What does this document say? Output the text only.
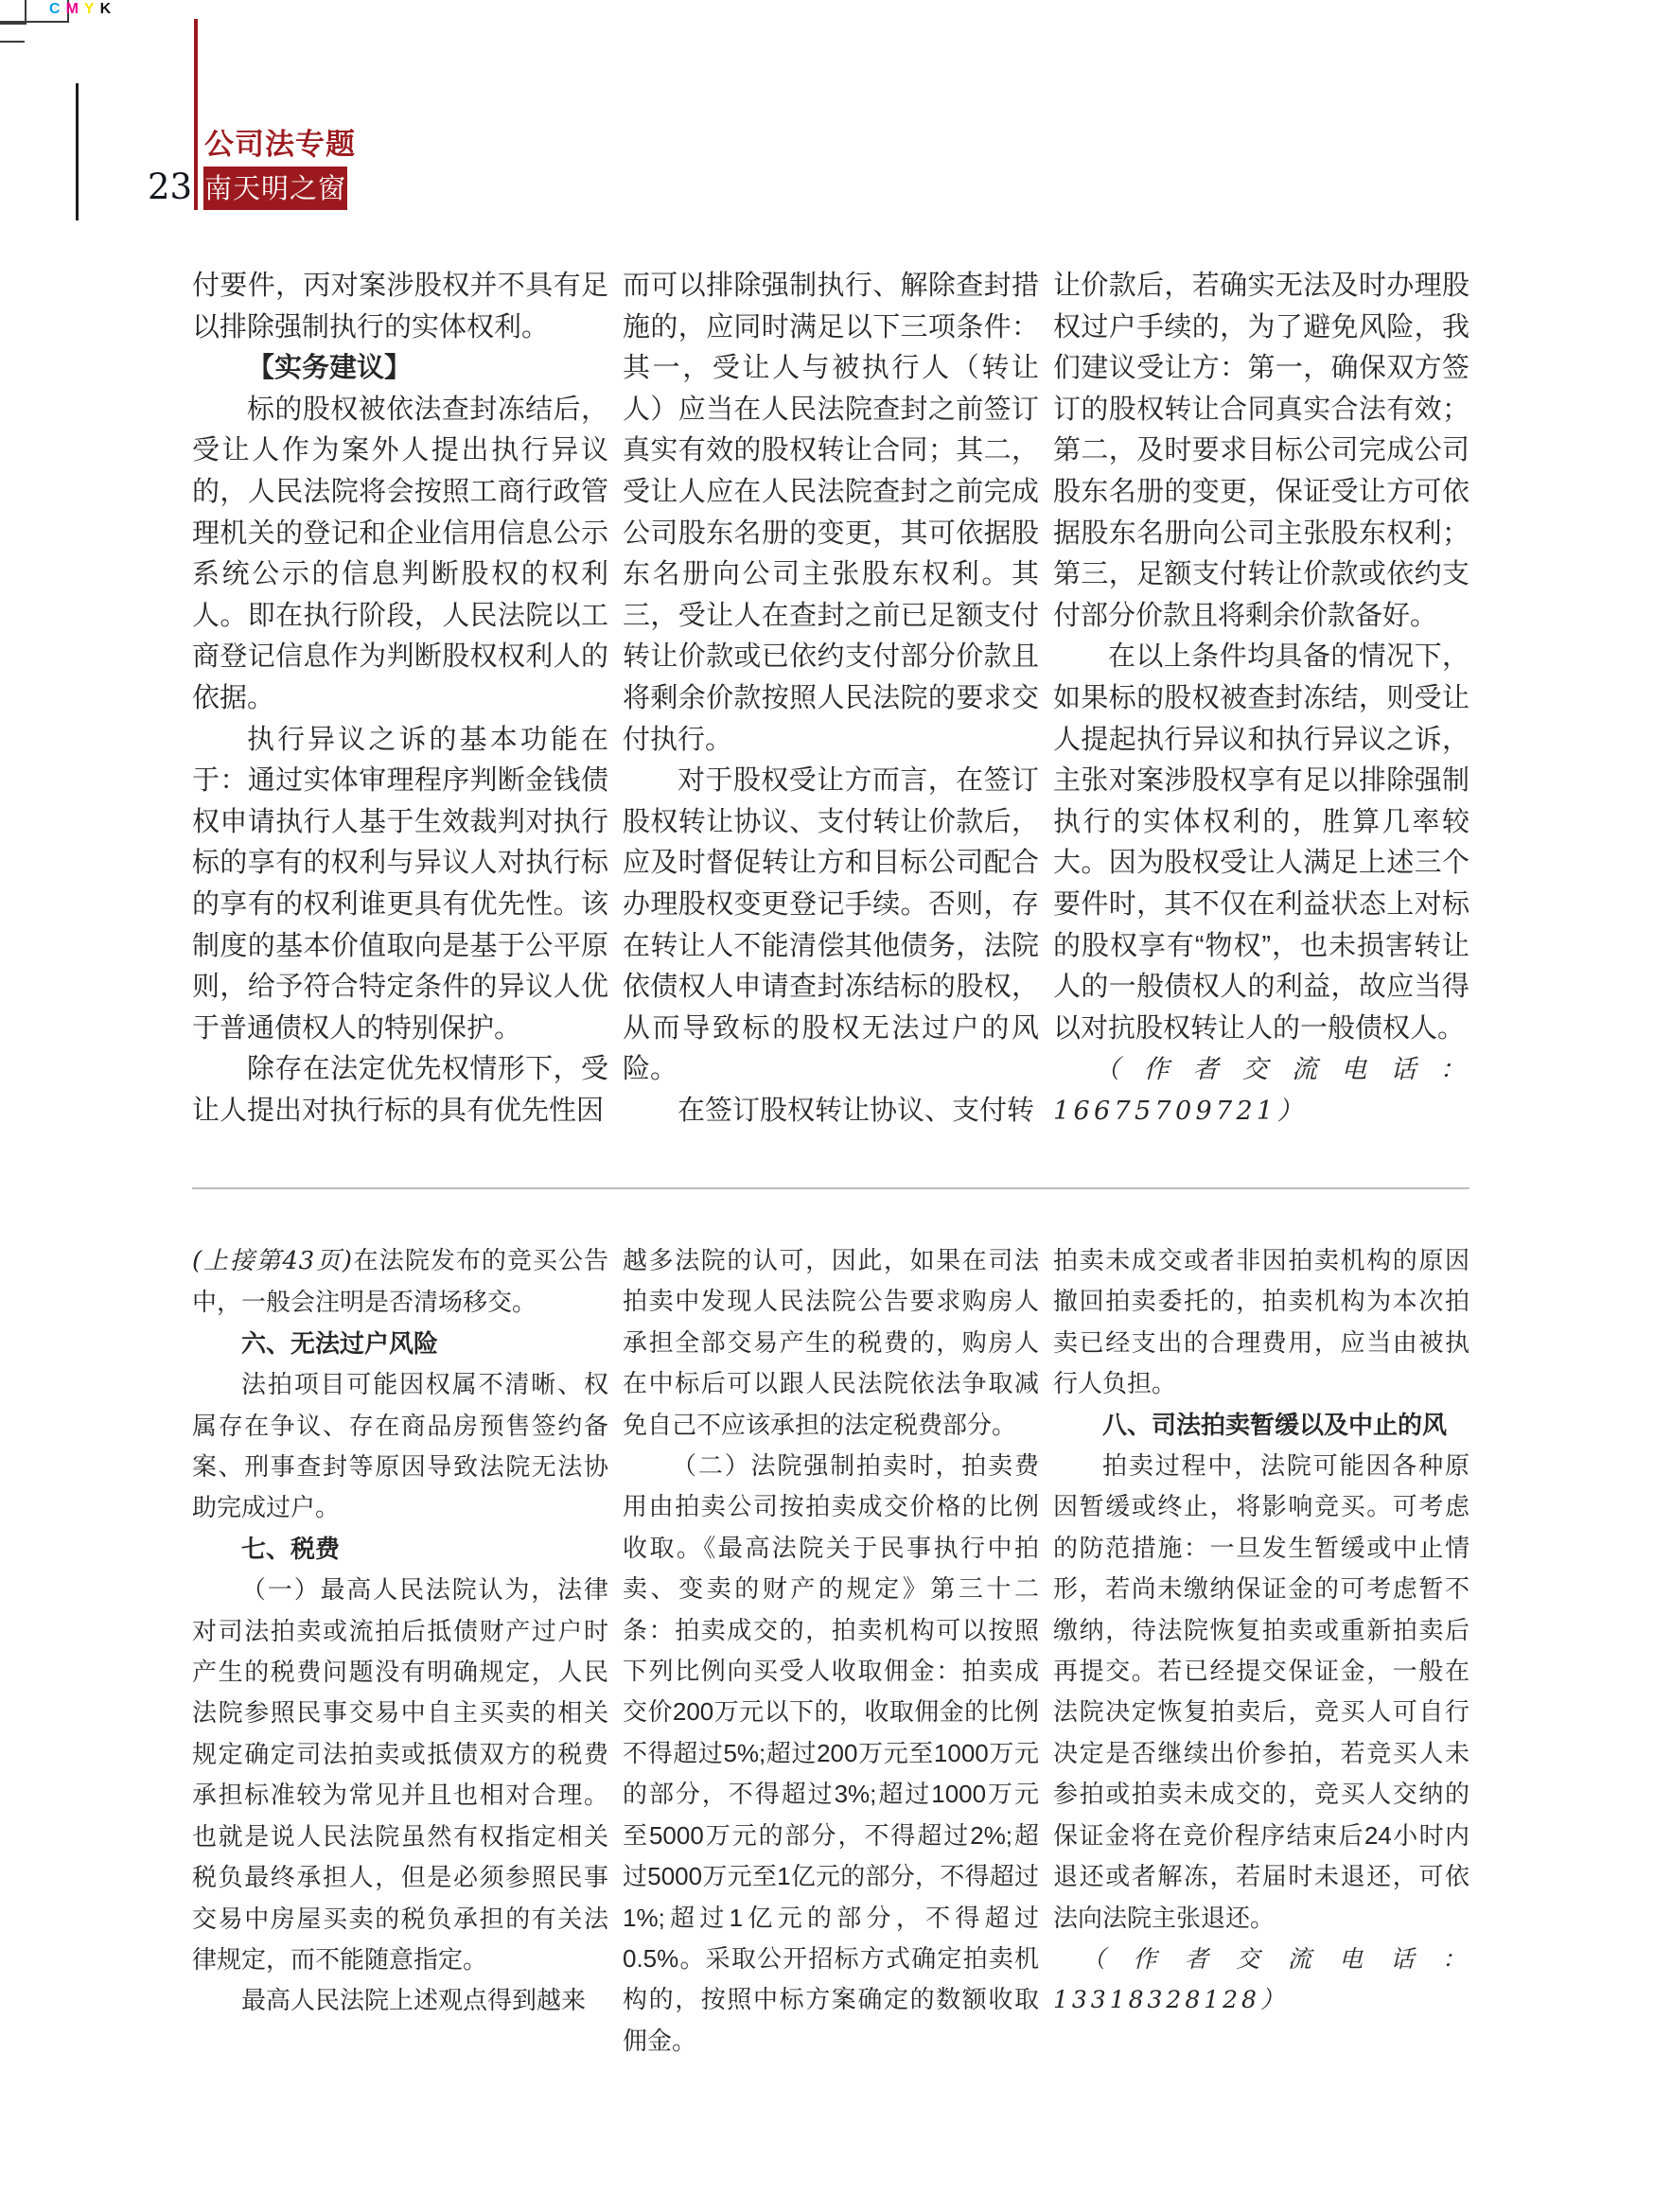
CMYK
23
公司法专题
南天明之窗

付要件，丙对案涉股权并不具有足以排除强制执行的实体权利。

【实务建议】

标的股权被依法查封冻结后，受让人作为案外人提出执行异议的，人民法院将会按照工商行政管理机关的登记和企业信用信息公示系统公示的信息判断股权的权利人。即在执行阶段，人民法院以工商登记信息作为判断股权权利人的依据。

执行异议之诉的基本功能在于：通过实体审理程序判断金钱债权申请执行人基于生效裁判对执行标的享有的权利与异议人对执行标的享有的权利谁更具有优先性。该制度的基本价值取向是基于公平原则，给予符合特定条件的异议人优于普通债权人的特别保护。

除存在法定优先权情形下，受让人提出对执行标的具有优先性因

而可以排除强制执行、解除查封措施的，应同时满足以下三项条件：其一，受让人与被执行人（转让人）应当在人民法院查封之前签订真实有效的股权转让合同；其二，受让人应在人民法院查封之前完成公司股东名册的变更，其可依据股东名册向公司主张股东权利。其三，受让人在查封之前已足额支付转让价款或已依约支付部分价款且将剩余价款按照人民法院的要求交付执行。

对于股权受让方而言，在签订股权转让协议、支付转让价款后，应及时督促转让方和目标公司配合办理股权变更登记手续。否则，存在转让人不能清偿其他债务，法院依债权人申请查封冻结标的股权，从而导致标的股权无法过户的风险。

在签订股权转让协议、支付转

让价款后，若确实无法及时办理股权过户手续的，为了避免风险，我们建议受让方：第一，确保双方签订的股权转让合同真实合法有效；第二，及时要求目标公司完成公司股东名册的变更，保证受让方可依据股东名册向公司主张股东权利；第三，足额支付转让价款或依约支付部分价款且将剩余价款备好。

在以上条件均具备的情况下，如果标的股权被查封冻结，则受让人提起执行异议和执行异议之诉，主张对案涉股权享有足以排除强制执行的实体权利的，胜算几率较大。因为股权受让人满足上述三个要件时，其不仅在利益状态上对标的股权享有“物权”，也未损害转让人的一般债权人的利益，故应当得以对抗股权转让人的一般债权人。

（作者交流电话：16675709721）

(上接第43页)在法院发布的竞买公告中，一般会注明是否清场移交。

六、无法过户风险

法拍项目可能因权属不清晰、权属存在争议、存在商品房预售签约备案、刑事查封等原因导致法院无法协助完成过户。

七、税费

（一）最高人民法院认为，法律对司法拍卖或流拍后抵债财产过户时产生的税费问题没有明确规定，人民法院参照民事交易中自主买卖的相关规定确定司法拍卖或抵债双方的税费承担标准较为常见并且也相对合理。也就是说人民法院虽然有权指定相关税负最终承担人，但是必须参照民事交易中房屋买卖的税负承担的有关法律规定，而不能随意指定。

最高人民法院上述观点得到越来

越多法院的认可，因此，如果在司法拍卖中发现人民法院公告要求购房人承担全部交易产生的税费的，购房人在中标后可以跟人民法院依法争取减免自己不应该承担的法定税费部分。

（二）法院强制拍卖时，拍卖费用由拍卖公司按拍卖成交价格的比例收取。《最高法院关于民事执行中拍卖、变卖的财产的规定》第三十二条：拍卖成交的，拍卖机构可以按照下列比例向买受人收取佣金：拍卖成交价200万元以下的，收取佣金的比例不得超过5%;超过200万元至1000万元的部分，不得超过3%;超过1000万元至5000万元的部分，不得超过2%;超过5000万元至1亿元的部分，不得超过1%;超过1亿元的部分，不得超过0.5%。采取公开招标方式确定拍卖机构的，按照中标方案确定的数额收取佣金。

拍卖未成交或者非因拍卖机构的原因撤回拍卖委托的，拍卖机构为本次拍卖已经支出的合理费用，应当由被执行人负担。

八、司法拍卖暂缓以及中止的风

拍卖过程中，法院可能因各种原因暂缓或终止，将影响竞买。可考虑的防范措施：一旦发生暂缓或中止情形，若尚未缴纳保证金的可考虑暂不缴纳，待法院恢复拍卖或重新拍卖后再提交。若已经提交保证金，一般在法院决定恢复拍卖后，竞买人可自行决定是否继续出价参拍，若竞买人未参拍或拍卖未成交的，竞买人交纳的保证金将在竞价程序结束后24小时内退还或者解冻，若届时未退还，可依法向法院主张退还。

（作者交流电话：13318328128）
